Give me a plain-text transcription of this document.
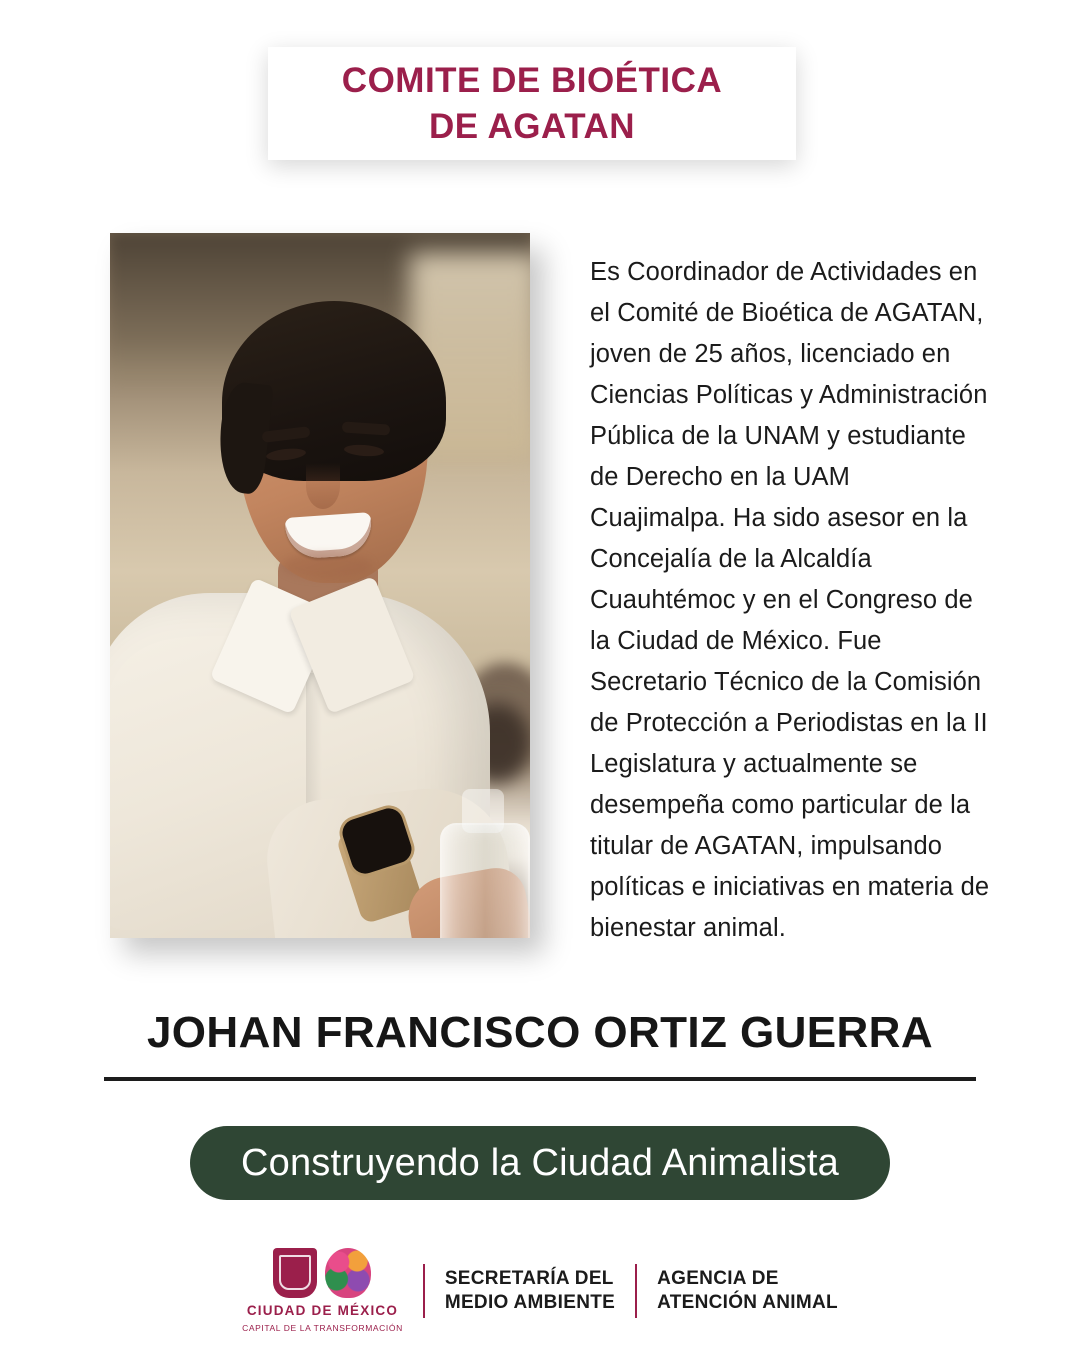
COMITE DE BIOÉTICA
DE AGATAN
Es Coordinador de Actividades en el Comité de Bioética de AGATAN, joven de 25 años, licenciado en Ciencias Políticas y Administración Pública de la UNAM y estudiante de Derecho en la UAM Cuajimalpa. Ha sido asesor en la Concejalía de la Alcaldía Cuauhtémoc y en el Congreso de la Ciudad de México. Fue Secretario Técnico de la Comisión de Protección a Periodistas en la II Legislatura y actualmente se desempeña como particular de la titular de AGATAN, impulsando políticas e iniciativas en materia de bienestar animal.
JOHAN FRANCISCO ORTIZ GUERRA
Construyendo la Ciudad Animalista
CIUDAD DE MÉXICO
CAPITAL DE LA TRANSFORMACIÓN
SECRETARÍA DEL
MEDIO AMBIENTE
AGENCIA DE
ATENCIÓN ANIMAL
